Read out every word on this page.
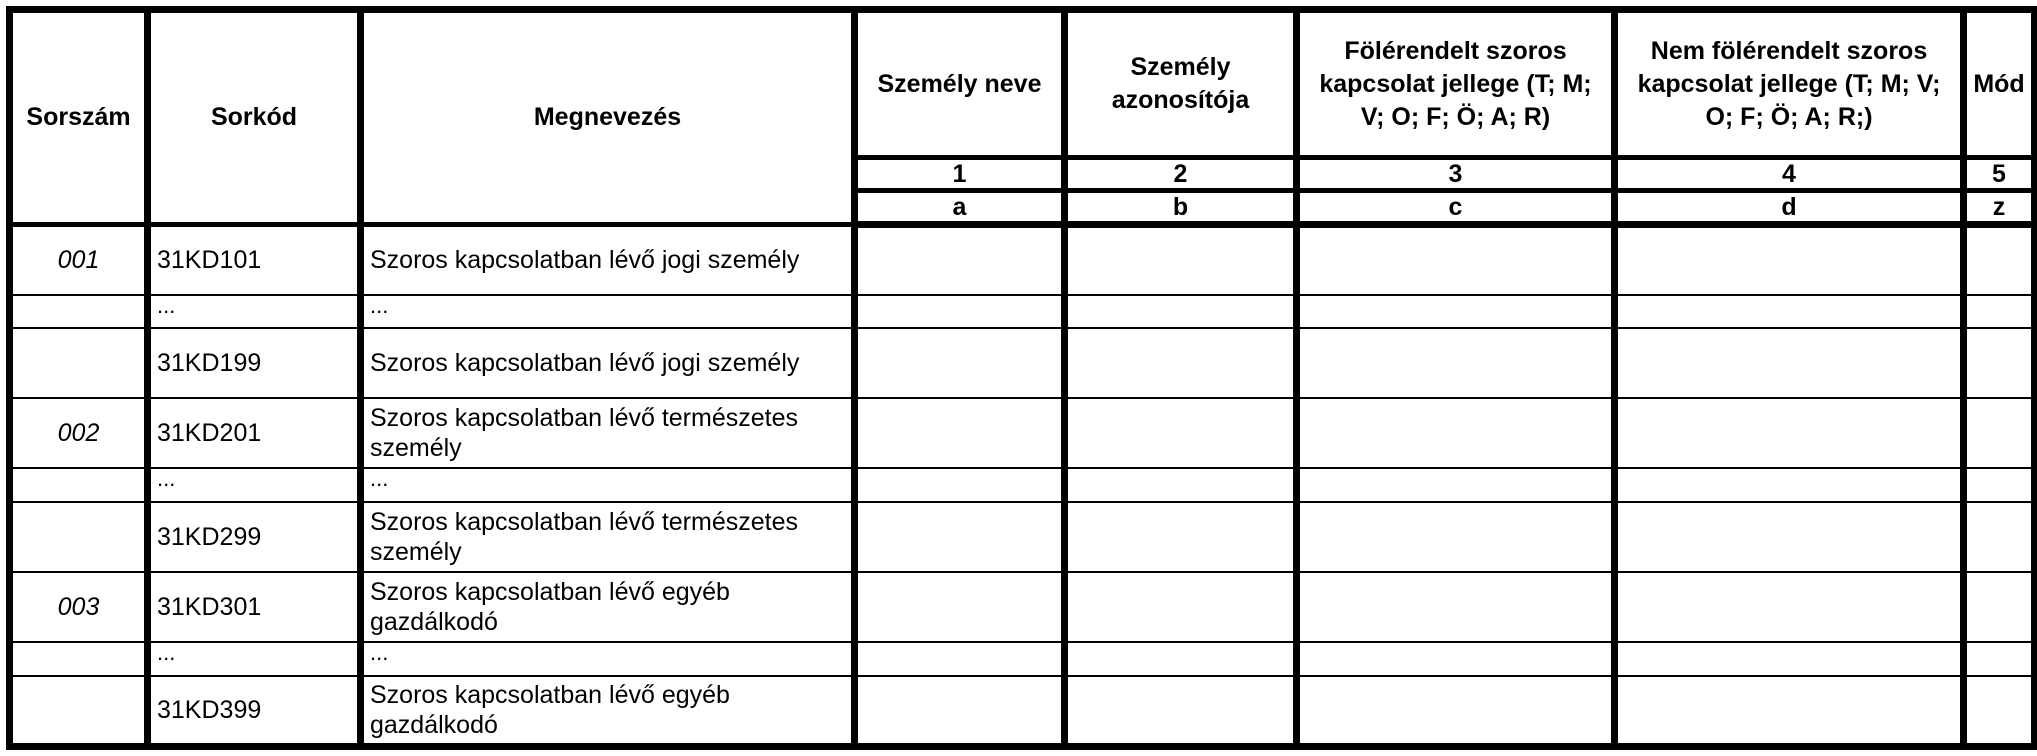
Sorszám	Sorkód	Megnevezés	Személy neve	Személy azonosítója	Fölérendelt szoros kapcsolat jellege (T; M; V; O; F; Ö; A; R)	Nem fölérendelt szoros kapcsolat jellege (T; M; V; O; F; Ö; A; R;)	Mód
			1	2	3	4	5
			a	b	c	d	z
001	31KD101	Szoros kapcsolatban lévő jogi személy					
	...	...					
	31KD199	Szoros kapcsolatban lévő jogi személy					
002	31KD201	Szoros kapcsolatban lévő természetes személy					
	...	...					
	31KD299	Szoros kapcsolatban lévő természetes személy					
003	31KD301	Szoros kapcsolatban lévő egyéb gazdálkodó					
	...	...					
	31KD399	Szoros kapcsolatban lévő egyéb gazdálkodó					
